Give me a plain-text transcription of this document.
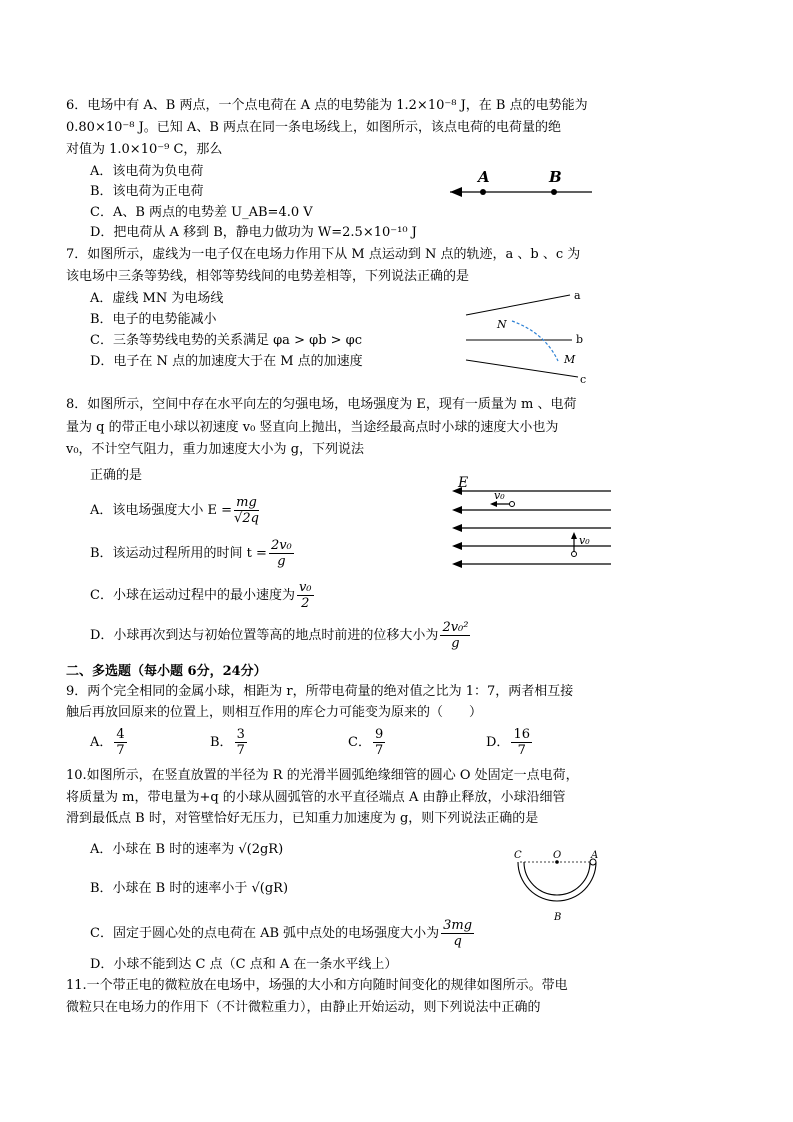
6．电场中有 A、B 两点，一个点电荷在 A 点的电势能为 1.2×10⁻⁸ J，在 B 点的电势能为
0.80×10⁻⁸ J。已知 A、B 两点在同一条电场线上，如图所示，该点电荷的电荷量的绝
对值为 1.0×10⁻⁹ C，那么
A．该电荷为负电荷
B．该电荷为正电荷
C．A、B 两点的电势差 U_AB=4.0 V
D．把电荷从 A 移到 B，静电力做功为 W=2.5×10⁻¹⁰ J
A	B
7．如图所示，虚线为一电子仅在电场力作用下从 M 点运动到 N 点的轨迹，a 、b 、c 为
该电场中三条等势线，相邻等势线间的电势差相等，下列说法正确的是
A．虚线 MN 为电场线
B．电子的电势能减小
C．三条等势线电势的关系满足 φa > φb > φc
D．电子在 N 点的加速度大于在 M 点的加速度
a
b
c
N
M
8．如图所示，空间中存在水平向左的匀强电场，电场强度为 E，现有一质量为 m 、电荷
量为 q 的带正电小球以初速度 v₀ 竖直向上抛出，当途经最高点时小球的速度大小也为
v₀，不计空气阻力，重力加速度大小为 g，下列说法
正确的是
A．该电场强度大小 $E = \frac{mg}{√2q}$
B．该运动过程所用的时间 $t = \frac{\text{2v₀}}{g}$
C．小球在运动过程中的最小速度为 $\frac{\text{v₀}}{2}$
D．小球再次到达与初始位置等高的地点时前进的位移大小为 $\frac{\text{2v₀²}}{g}$
E
v₀
v₀
二、多选题（每小题 6分，24分）
9．两个完全相同的金属小球，相距为 r，所带电荷量的绝对值之比为 1：7，两者相互接
触后再放回原来的位置上，则相互作用的库仑力可能变为原来的（　　）
A． $\frac{4}{7}$	B． $\frac{3}{7}$	C． $\frac{9}{7}$	D． $\frac{16}{7}$
10.如图所示，在竖直放置的半径为 R 的光滑半圆弧绝缘细管的圆心 O 处固定一点电荷，
将质量为 m，带电量为+q 的小球从圆弧管的水平直径端点 A 由静止释放，小球沿细管
滑到最低点 B 时，对管壁恰好无压力，已知重力加速度为 g，则下列说法正确的是
A．小球在 B 时的速率为 √(2gR)
B．小球在 B 时的速率小于 √(gR)
C．固定于圆心处的点电荷在 AB 弧中点处的电场强度大小为 $\frac{3mg}{q}$
D．小球不能到达 C 点（C 点和 A 在一条水平线上）
C	O	A
B
11.一个带正电的微粒放在电场中，场强的大小和方向随时间变化的规律如图所示。带电
微粒只在电场力的作用下（不计微粒重力），由静止开始运动，则下列说法中正确的
